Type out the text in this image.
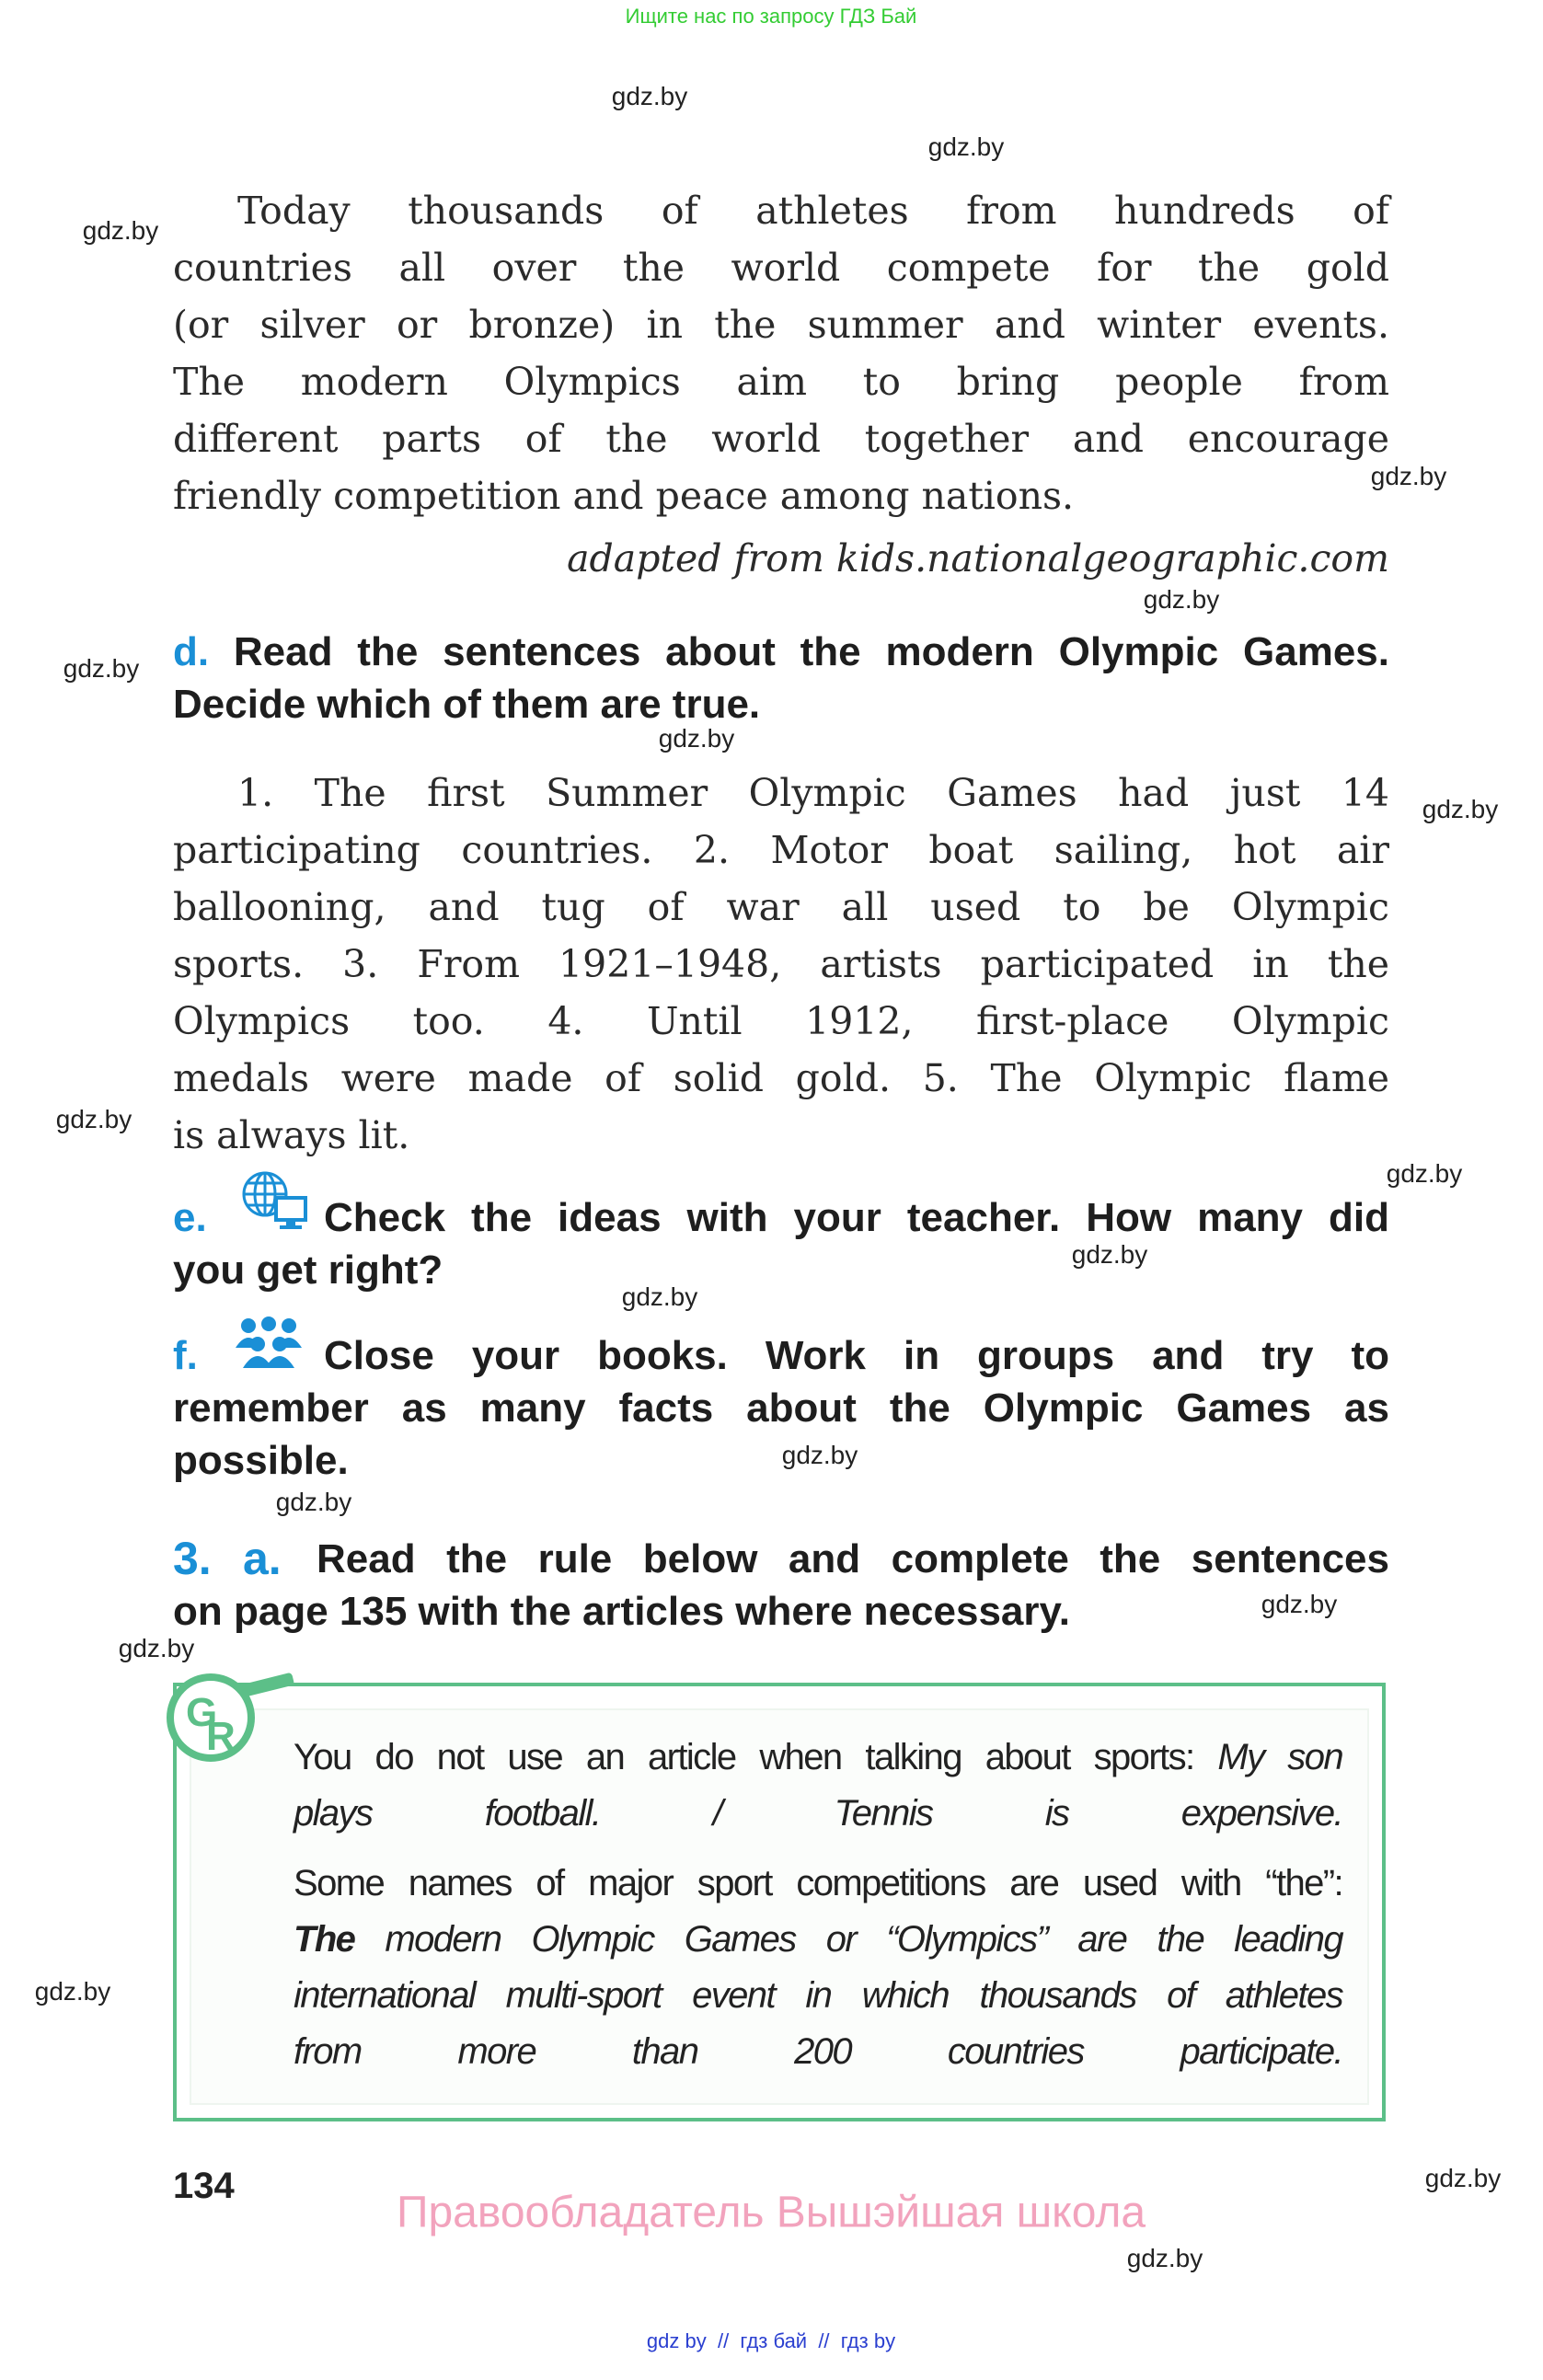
Ищите нас по запросу ГДЗ Бай
gdz.by
gdz.by
gdz.by
gdz.by
gdz.by
gdz.by
gdz.by
gdz.by
gdz.by
gdz.by
gdz.by
gdz.by
gdz.by
gdz.by
gdz.by
gdz.by
gdz.by
gdz.by
gdz.by
Today thousands of athletes from hundreds of
countries all over the world compete for the gold
(or silver or bronze) in the summer and winter events.
The modern Olympics aim to bring people from
different parts of the world together and encourage
friendly competition and peace among nations.
adapted from kids.nationalgeographic.com
d. Read the sentences about the modern Olympic Games.
Decide which of them are true.
1. The first Summer Olympic Games had just 14
participating countries. 2. Motor boat sailing, hot air
ballooning, and tug of war all used to be Olympic
sports. 3. From 1921–1948, artists participated in the
Olympics too. 4. Until 1912, first-place Olympic
medals were made of solid gold. 5. The Olympic flame
is always lit.
e.	Check the ideas with your teacher. How many did
you get right?
f.	Close your books. Work in groups and try to
remember as many facts about the Olympic Games as
possible.
3. a. Read the rule below and complete the sentences
on page 135 with the articles where necessary.
G
R You do not use an article when talking about sports: My son
plays football. / Tennis is expensive.
Some names of major sport competitions are used with “the”:
The modern Olympic Games or “Olympics” are the leading
international multi-sport event in which thousands of athletes
from more than 200 countries participate.
134
Правообладатель Вышэйшая школа
gdz by  //  гдз бай  //  гдз by
